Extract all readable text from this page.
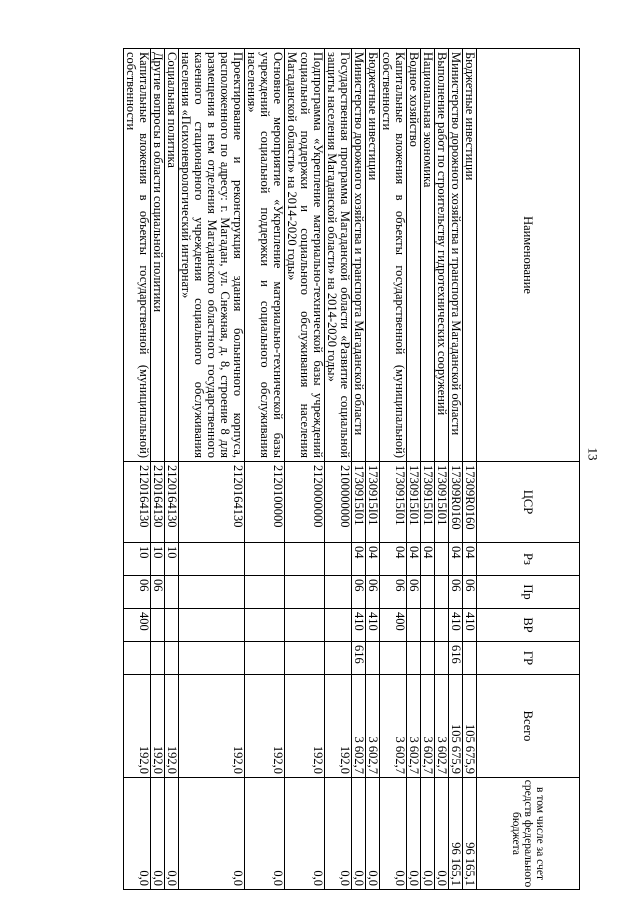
13
Наименование	ЦСР	Рз	Пр	ВР	ГР	Всего	в том числе за счет средств федерального бюджета
Бюджетные инвестиции	17309R0160	04	06	410		105 675,9	96 165,1
Министерство дорожного хозяйства и транспорта Магаданской области	17309R0160	04	06	410	616	105 675,9	96 165,1
Выполнение работ по строительству гидротехнических сооружений	1730915I01					3 602,7	0,0
Национальная экономика	1730915I01	04				3 602,7	0,0
Водное хозяйство	1730915I01	04	06			3 602,7	0,0
Капитальные вложения в объекты государственной (муниципальной) собственности	1730915I01	04	06	400		3 602,7	0,0
Бюджетные инвестиции	1730915I01	04	06	410		3 602,7	0,0
Министерство дорожного хозяйства и транспорта Магаданской области	1730915I01	04	06	410	616	3 602,7	0,0
Государственная программа Магаданской области «Развитие социальной защиты населения Магаданской области» на 2014-2020 годы»	2100000000					192,0	0,0
Подпрограмма «Укрепление материально-технической базы учреждений социальной поддержки и социального обслуживания населения Магаданской области» на 2014-2020 годы»	2120000000					192,0	0,0
Основное мероприятие «Укрепление материально-технической базы учреждений социальной поддержки и социального обслуживания населения»	2120100000					192,0	0,0
Проектирование и реконструкция здания больничного корпуса, расположенного по адресу: г. Магадан, ул. Снежная, д. 8, строение 8 для размещения в нем отделения Магаданского областного государственного казенного стационарного учреждения социального обслуживания населения «Психоневрологический интернат»	2120164130					192,0	0,0
Социальная политика	2120164130	10				192,0	0,0
Другие вопросы в области социальной политики	2120164130	10	06			192,0	0,0
Капитальные вложения в объекты государственной (муниципальной) собственности	2120164130	10	06	400		192,0	0,0
